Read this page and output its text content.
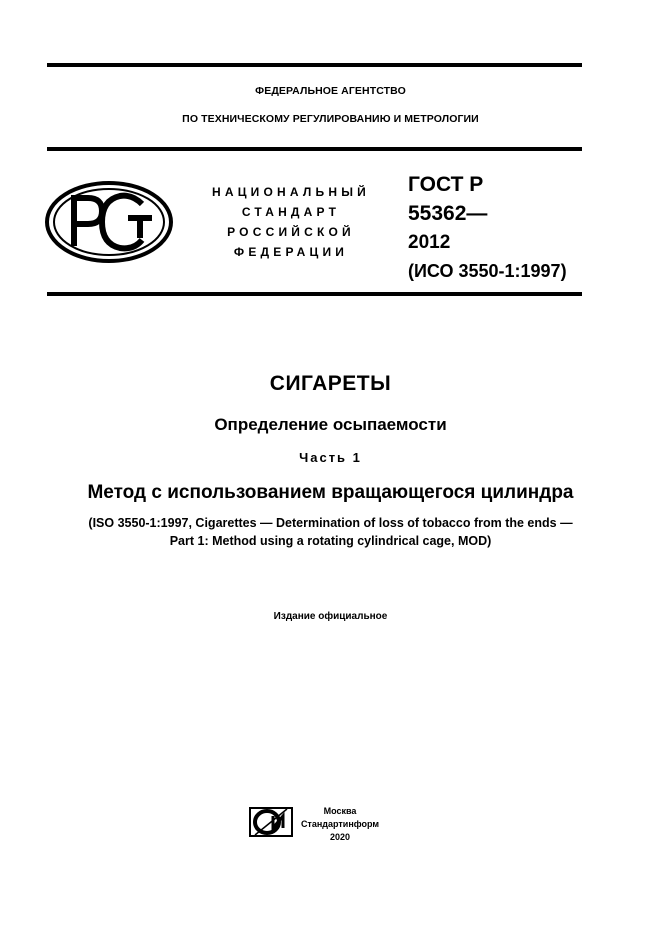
ФЕДЕРАЛЬНОЕ АГЕНТСТВО
ПО ТЕХНИЧЕСКОМУ РЕГУЛИРОВАНИЮ И МЕТРОЛОГИИ
НАЦИОНАЛЬНЫЙ
СТАНДАРТ
РОССИЙСКОЙ
ФЕДЕРАЦИИ
ГОСТ Р
55362—
2012
(ИСО 3550-1:1997)
СИГАРЕТЫ
Определение осыпаемости
Часть 1
Метод с использованием вращающегося цилиндра
(ISO 3550-1:1997, Cigarettes — Determination of loss of tobacco from the ends —
Part 1: Method using a rotating cylindrical cage, MOD)
Издание официальное
Москва
Стандартинформ
2020
